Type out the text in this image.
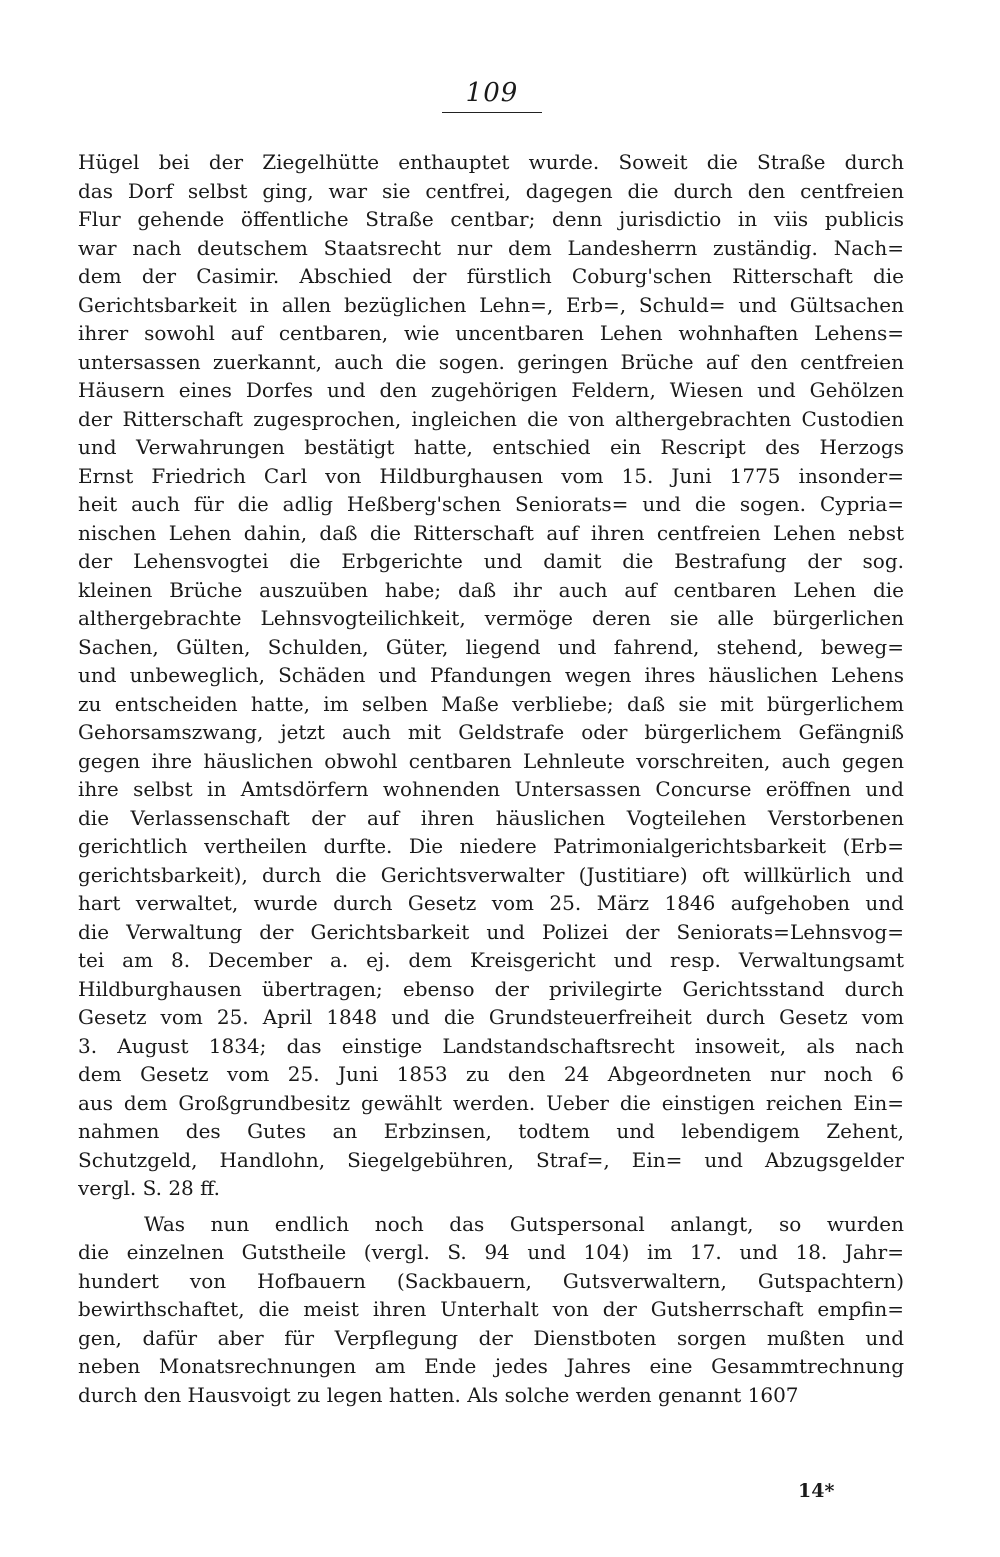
109
Hügel bei der Ziegelhütte enthauptet wurde. Soweit die Straße durch
das Dorf selbst ging, war sie centfrei, dagegen die durch den centfreien
Flur gehende öffentliche Straße centbar; denn jurisdictio in viis publicis
war nach deutschem Staatsrecht nur dem Landesherrn zuständig. Nach=
dem der Casimir. Abschied der fürstlich Coburg'schen Ritterschaft die
Gerichtsbarkeit in allen bezüglichen Lehn=, Erb=, Schuld= und Gültsachen
ihrer sowohl auf centbaren, wie uncentbaren Lehen wohnhaften Lehens=
untersassen zuerkannt, auch die sogen. geringen Brüche auf den centfreien
Häusern eines Dorfes und den zugehörigen Feldern, Wiesen und Gehölzen
der Ritterschaft zugesprochen, ingleichen die von althergebrachten Custodien
und Verwahrungen bestätigt hatte, entschied ein Rescript des Herzogs
Ernst Friedrich Carl von Hildburghausen vom 15. Juni 1775 insonder=
heit auch für die adlig Heßberg'schen Seniorats= und die sogen. Cypria=
nischen Lehen dahin, daß die Ritterschaft auf ihren centfreien Lehen nebst
der Lehensvogtei die Erbgerichte und damit die Bestrafung der sog.
kleinen Brüche auszuüben habe; daß ihr auch auf centbaren Lehen die
althergebrachte Lehnsvogteilichkeit, vermöge deren sie alle bürgerlichen
Sachen, Gülten, Schulden, Güter, liegend und fahrend, stehend, beweg=
und unbeweglich, Schäden und Pfandungen wegen ihres häuslichen Lehens
zu entscheiden hatte, im selben Maße verbliebe; daß sie mit bürgerlichem
Gehorsamszwang, jetzt auch mit Geldstrafe oder bürgerlichem Gefängniß
gegen ihre häuslichen obwohl centbaren Lehnleute vorschreiten, auch gegen
ihre selbst in Amtsdörfern wohnenden Untersassen Concurse eröffnen und
die Verlassenschaft der auf ihren häuslichen Vogteilehen Verstorbenen
gerichtlich vertheilen durfte. Die niedere Patrimonialgerichtsbarkeit (Erb=
gerichtsbarkeit), durch die Gerichtsverwalter (Justitiare) oft willkürlich und
hart verwaltet, wurde durch Gesetz vom 25. März 1846 aufgehoben und
die Verwaltung der Gerichtsbarkeit und Polizei der Seniorats=Lehnsvog=
tei am 8. December a. ej. dem Kreisgericht und resp. Verwaltungsamt
Hildburghausen übertragen; ebenso der privilegirte Gerichtsstand durch
Gesetz vom 25. April 1848 und die Grundsteuerfreiheit durch Gesetz vom
3. August 1834; das einstige Landstandschaftsrecht insoweit, als nach
dem Gesetz vom 25. Juni 1853 zu den 24 Abgeordneten nur noch 6
aus dem Großgrundbesitz gewählt werden. Ueber die einstigen reichen Ein=
nahmen des Gutes an Erbzinsen, todtem und lebendigem Zehent,
Schutzgeld, Handlohn, Siegelgebühren, Straf=, Ein= und Abzugsgelder
vergl. S. 28 ff.
Was nun endlich noch das Gutspersonal anlangt, so wurden
die einzelnen Gutstheile (vergl. S. 94 und 104) im 17. und 18. Jahr=
hundert von Hofbauern (Sackbauern, Gutsverwaltern, Gutspachtern)
bewirthschaftet, die meist ihren Unterhalt von der Gutsherrschaft empfin=
gen, dafür aber für Verpflegung der Dienstboten sorgen mußten und
neben Monatsrechnungen am Ende jedes Jahres eine Gesammtrechnung
durch den Hausvoigt zu legen hatten. Als solche werden genannt 1607
14*
